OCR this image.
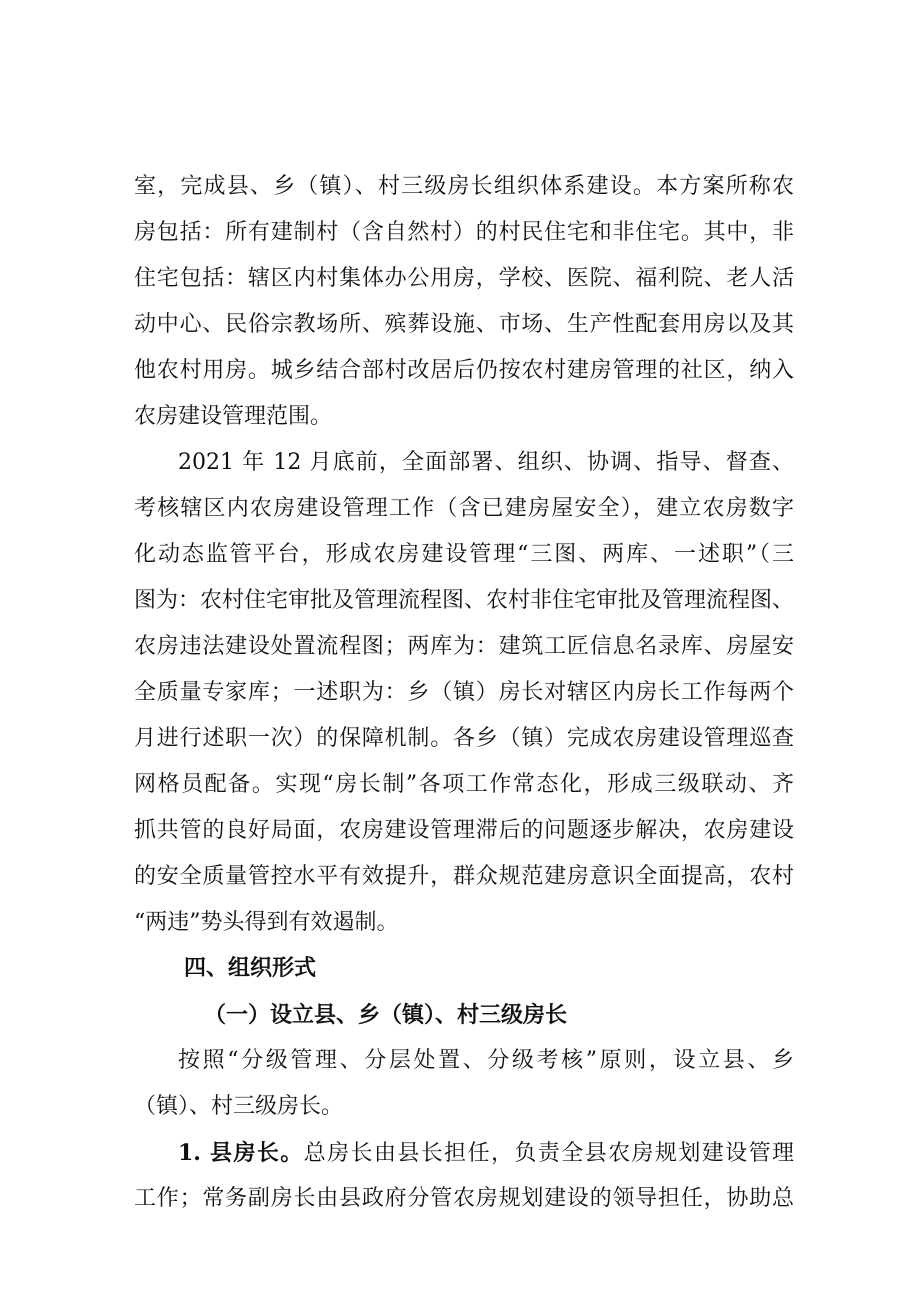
室，完成县、乡（镇）、村三级房长组织体系建设。本方案所称农
房包括：所有建制村（含自然村）的村民住宅和非住宅。其中，非
住宅包括：辖区内村集体办公用房，学校、医院、福利院、老人活
动中心、民俗宗教场所、殡葬设施、市场、生产性配套用房以及其
他农村用房。城乡结合部村改居后仍按农村建房管理的社区，纳入
农房建设管理范围。
2021 年 12 月底前，全面部署、组织、协调、指导、督查、
考核辖区内农房建设管理工作（含已建房屋安全），建立农房数字
化动态监管平台，形成农房建设管理“三图、两库、一述职”（三
图为：农村住宅审批及管理流程图、农村非住宅审批及管理流程图、
农房违法建设处置流程图；两库为：建筑工匠信息名录库、房屋安
全质量专家库；一述职为：乡（镇）房长对辖区内房长工作每两个
月进行述职一次）的保障机制。各乡（镇）完成农房建设管理巡查
网格员配备。实现“房长制”各项工作常态化，形成三级联动、齐
抓共管的良好局面，农房建设管理滞后的问题逐步解决，农房建设
的安全质量管控水平有效提升，群众规范建房意识全面提高，农村
“两违”势头得到有效遏制。
四、组织形式
（一）设立县、乡（镇）、村三级房长
按照“分级管理、分层处置、分级考核”原则，设立县、乡
（镇）、村三级房长。
1. 县房长。总房长由县长担任，负责全县农房规划建设管理
工作；常务副房长由县政府分管农房规划建设的领导担任，协助总
